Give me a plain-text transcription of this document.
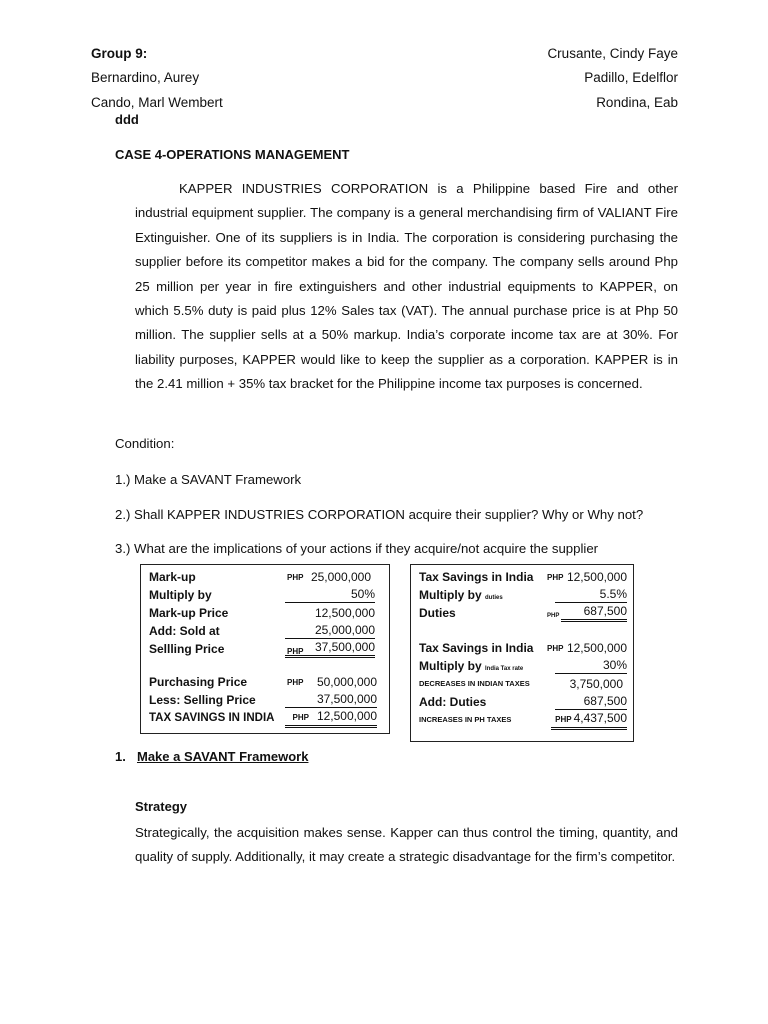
Group 9:
Bernardino, Aurey
Cando, Marl Wembert
Crusante, Cindy Faye
Padillo, Edelflor
Rondina, Eab
ddd
CASE 4-OPERATIONS MANAGEMENT

KAPPER INDUSTRIES CORPORATION is a Philippine based Fire and other industrial equipment supplier. The company is a general merchandising firm of VALIANT Fire Extinguisher. One of its suppliers is in India. The corporation is considering purchasing the supplier before its competitor makes a bid for the company. The company sells around Php 25 million per year in fire extinguishers and other industrial equipments to KAPPER, on which 5.5% duty is paid plus 12% Sales tax (VAT). The annual purchase price is at Php 50 million. The supplier sells at a 50% markup. India’s corporate income tax are at 30%. For liability purposes, KAPPER would like to keep the supplier as a corporation. KAPPER is in the 2.41 million + 35% tax bracket for the Philippine income tax purposes is concerned.

Condition:
1.) Make a SAVANT Framework
2.) Shall KAPPER INDUSTRIES CORPORATION acquire their supplier? Why or Why not?
3.) What are the implications of your actions if they acquire/not acquire the supplier
Mark-up	PHP 25,000,000
Multiply by	50%
Mark-up Price	12,500,000
Add: Sold at	25,000,000
Sellling Price	PHP 37,500,000
Purchasing Price	PHP	50,000,000
Less: Selling Price	37,500,000
TAX SAVINGS IN INDIA	PHP 12,500,000
Tax Savings in India PHP 12,500,000
Multiply by duties	5.5%
Duties	PHP	687,500
Tax Savings in India PHP 12,500,000
Multiply by India Tax rate	30%
DECREASES IN INDIAN TAXES	3,750,000
Add: Duties	687,500
INCREASES IN PH TAXES	PHP 4,437,500
1. Make a SAVANT Framework
Strategy

Strategically, the acquisition makes sense. Kapper can thus control the timing, quantity, and quality of supply. Additionally, it may create a strategic disadvantage for the firm’s competitor.
